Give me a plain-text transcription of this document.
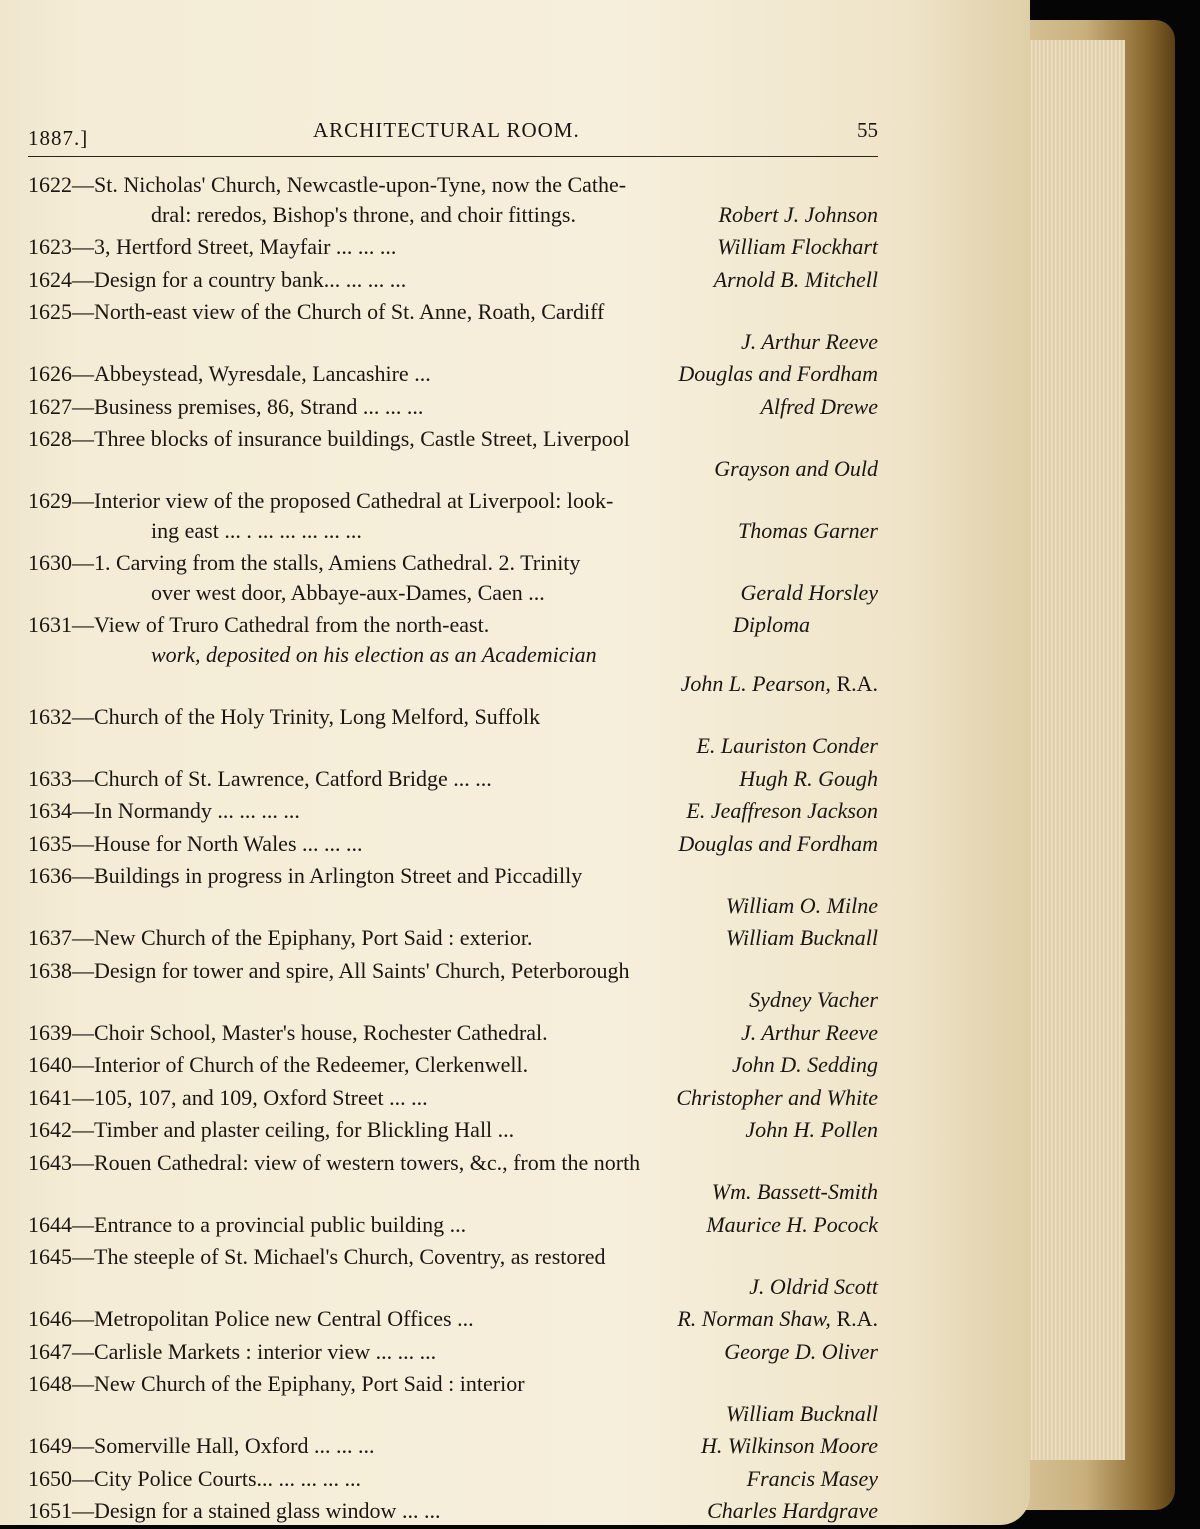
1887.]	ARCHITECTURAL ROOM.	55
1622—St. Nicholas' Church, Newcastle-upon-Tyne, now the Cathe-
dral: reredos, Bishop's throne, and choir fittings.	Robert J. Johnson
1623—3, Hertford Street, Mayfair ... ... ...	William Flockhart
1624—Design for a country bank... ... ... ...	Arnold B. Mitchell
1625—North-east view of the Church of St. Anne, Roath, Cardiff
J. Arthur Reeve
1626—Abbeystead, Wyresdale, Lancashire ...	Douglas and Fordham
1627—Business premises, 86, Strand ... ... ...	Alfred Drewe
1628—Three blocks of insurance buildings, Castle Street, Liverpool
Grayson and Ould
1629—Interior view of the proposed Cathedral at Liverpool: look-
ing east ... . ... ... ... ... ...	Thomas Garner
1630—1. Carving from the stalls, Amiens Cathedral. 2. Trinity
over west door, Abbaye-aux-Dames, Caen ...	Gerald Horsley
1631—View of Truro Cathedral from the north-east.	Diploma
work, deposited on his election as an Academician
John L. Pearson, R.A.
1632—Church of the Holy Trinity, Long Melford, Suffolk
E. Lauriston Conder
1633—Church of St. Lawrence, Catford Bridge ... ...	Hugh R. Gough
1634—In Normandy ... ... ... ...	E. Jeaffreson Jackson
1635—House for North Wales ... ... ...	Douglas and Fordham
1636—Buildings in progress in Arlington Street and Piccadilly
William O. Milne
1637—New Church of the Epiphany, Port Said : exterior.	William Bucknall
1638—Design for tower and spire, All Saints' Church, Peterborough
Sydney Vacher
1639—Choir School, Master's house, Rochester Cathedral.	J. Arthur Reeve
1640—Interior of Church of the Redeemer, Clerkenwell.	John D. Sedding
1641—105, 107, and 109, Oxford Street ... ...	Christopher and White
1642—Timber and plaster ceiling, for Blickling Hall ...	John H. Pollen
1643—Rouen Cathedral: view of western towers, &c., from the north
Wm. Bassett-Smith
1644—Entrance to a provincial public building ...	Maurice H. Pocock
1645—The steeple of St. Michael's Church, Coventry, as restored
J. Oldrid Scott
1646—Metropolitan Police new Central Offices ...	R. Norman Shaw, R.A.
1647—Carlisle Markets : interior view ... ... ...	George D. Oliver
1648—New Church of the Epiphany, Port Said : interior
William Bucknall
1649—Somerville Hall, Oxford ... ... ...	H. Wilkinson Moore
1650—City Police Courts... ... ... ... ...	Francis Masey
1651—Design for a stained glass window ... ...	Charles Hardgrave
